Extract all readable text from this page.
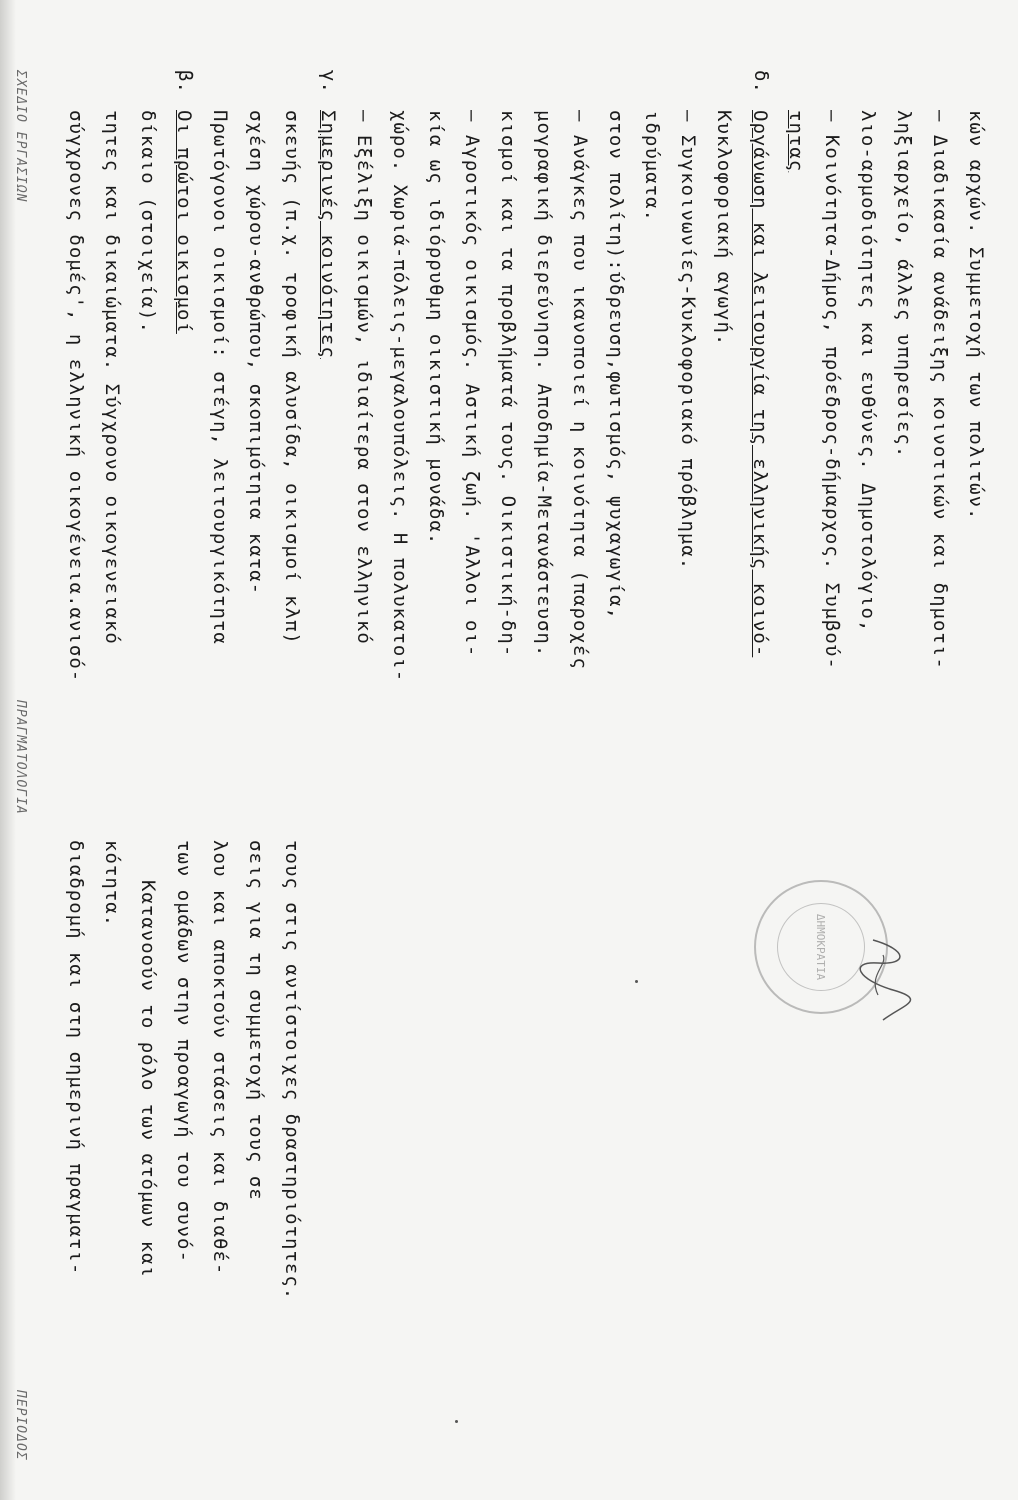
ΣΧΕΔΙΟ ΕΡΓΑΣΙΩΝ
ΠΡΑΓΜΑΤΟΛΟΓΙΑ
ΠΕΡΙΟΔΟΣ
σύγχρονες δομές', η ελληνική οικογένεια.ανισό- τητες και δικαιώματα. Σύγχρονο οικογενειακό δίκαιο (στοιχεία).
β.
Οι πρώτοι οικισμοί Πρωτόγονοι οικισμοί: στέγη, λειτουργικότητα σχέση χώρου-ανθρώπου, σκοπιμότητα κατα- σκευής (π.χ. τροφική αλυσίδα, οικισμοί κλπ)
γ.
Σημερινές κοινότητες – Εξέλιξη οικισμών, ιδιαίτερα στον ελληνικό χώρο. Χωριά-πόλεις-μεγαλουπόλεις. Η πολυκατοι- κία ως ιδιόρρυθμη οικιστική μονάδα. – Αγροτικός οικισμός. Αστική ζωή. 'Αλλοι οι- κισμοί και τα προβλήματά τους. Οικιστική-δη- μογραφική διερεύνηση. Αποδημία-Μετανάστευση. – Ανάγκες που ικανοποιεί η κοινότητα (παροχές στον πολίτη):ύδρευση,φωτισμός, ψυχαγωγία, ιδρύματα. – Συγκοινωνίες-Κυκλοφοριακό πρόβλημα. Κυκλοφοριακή αγωγή.
δ.
Οργάνωση και λειτουργία της ελληνικής κοινό- τητας – Κοινότητα-Δήμος, πρόεδρος-δήμαρχος. Συμβού- λιο-αρμοδιότητες και ευθύνες. Δημοτολόγιο, ληξιαρχείο, άλλες υπηρεσίες. – Διαδικασία ανάδειξης κοινοτικών και δημοτι- κών αρχών. Συμμετοχή των πολιτών.
διαδρομή και στη σημερινή πραγματι- κότητα. Κατανοούν το ρόλο των ατόμων και των ομάδων στην προαγωγή του συνό- λου και αποκτούν στάσεις και διαθέ- σεις για τη συμμετοχή τους σε τους στις αντίστοιχες δραστηριότητες.	ΔΗΜΟΚΡΑΤΙΑ
